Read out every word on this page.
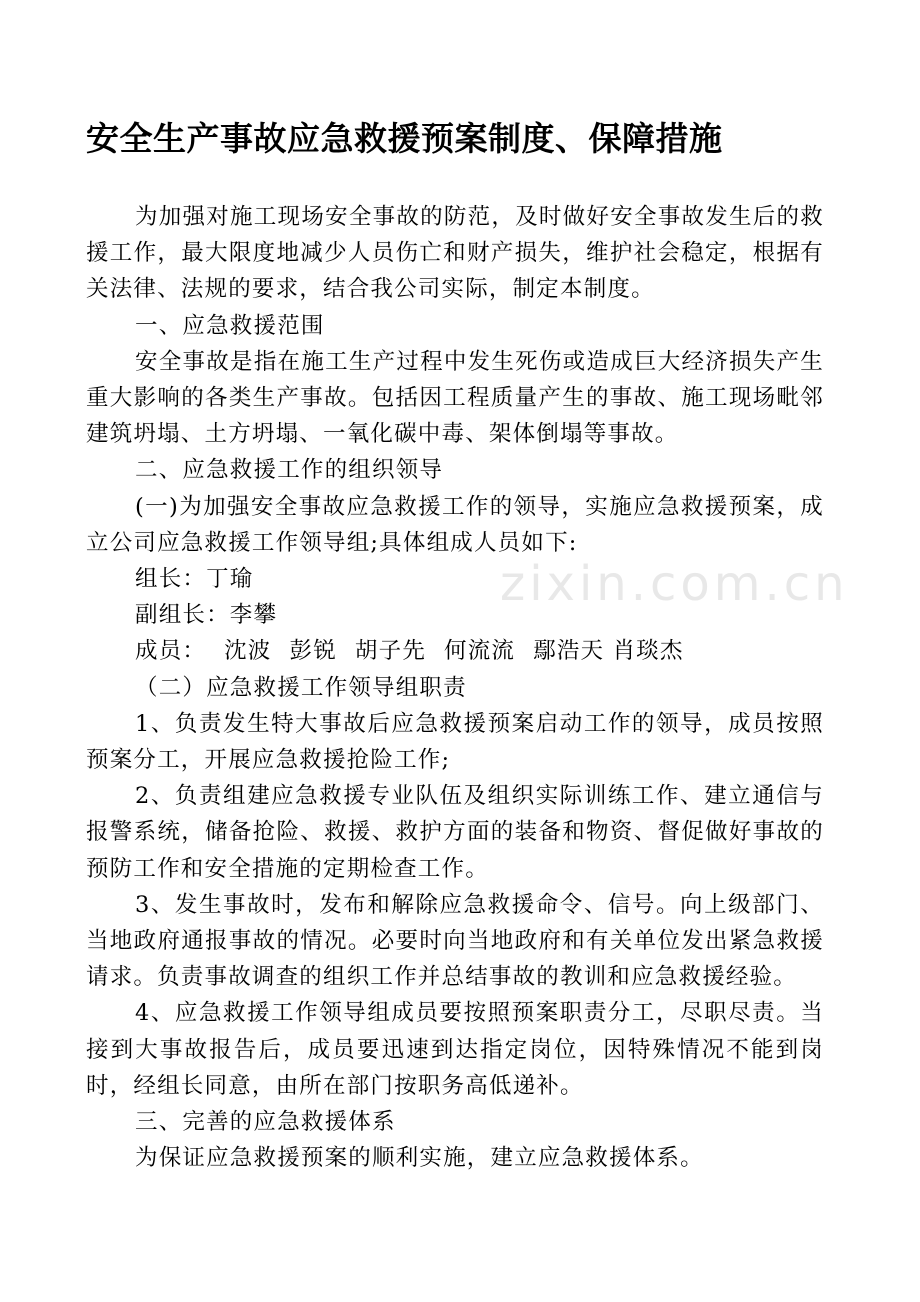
安全生产事故应急救援预案制度、保障措施

为加强对施工现场安全事故的防范，及时做好安全事故发生后的救援工作，最大限度地减少人员伤亡和财产损失，维护社会稳定，根据有关法律、法规的要求，结合我公司实际，制定本制度。

一、应急救援范围

安全事故是指在施工生产过程中发生死伤或造成巨大经济损失产生重大影响的各类生产事故。包括因工程质量产生的事故、施工现场毗邻建筑坍塌、土方坍塌、一氧化碳中毒、架体倒塌等事故。

二、应急救援工作的组织领导

(一)为加强安全事故应急救援工作的领导，实施应急救援预案，成立公司应急救援工作领导组;具体组成人员如下:

组长：丁瑜

副组长：李攀

成员： 沈波 彭锐 胡子先 何流流 鄢浩天 肖琰杰

（二）应急救援工作领导组职责

1、负责发生特大事故后应急救援预案启动工作的领导，成员按照预案分工，开展应急救援抢险工作;

2、负责组建应急救援专业队伍及组织实际训练工作、建立通信与报警系统，储备抢险、救援、救护方面的装备和物资、督促做好事故的预防工作和安全措施的定期检查工作。

3、发生事故时，发布和解除应急救援命令、信号。向上级部门、当地政府通报事故的情况。必要时向当地政府和有关单位发出紧急救援请求。负责事故调查的组织工作并总结事故的教训和应急救援经验。

4、应急救援工作领导组成员要按照预案职责分工，尽职尽责。当接到大事故报告后，成员要迅速到达指定岗位，因特殊情况不能到岗时，经组长同意，由所在部门按职务高低递补。

三、完善的应急救援体系

为保证应急救援预案的顺利实施，建立应急救援体系。

zixin.com.cn
